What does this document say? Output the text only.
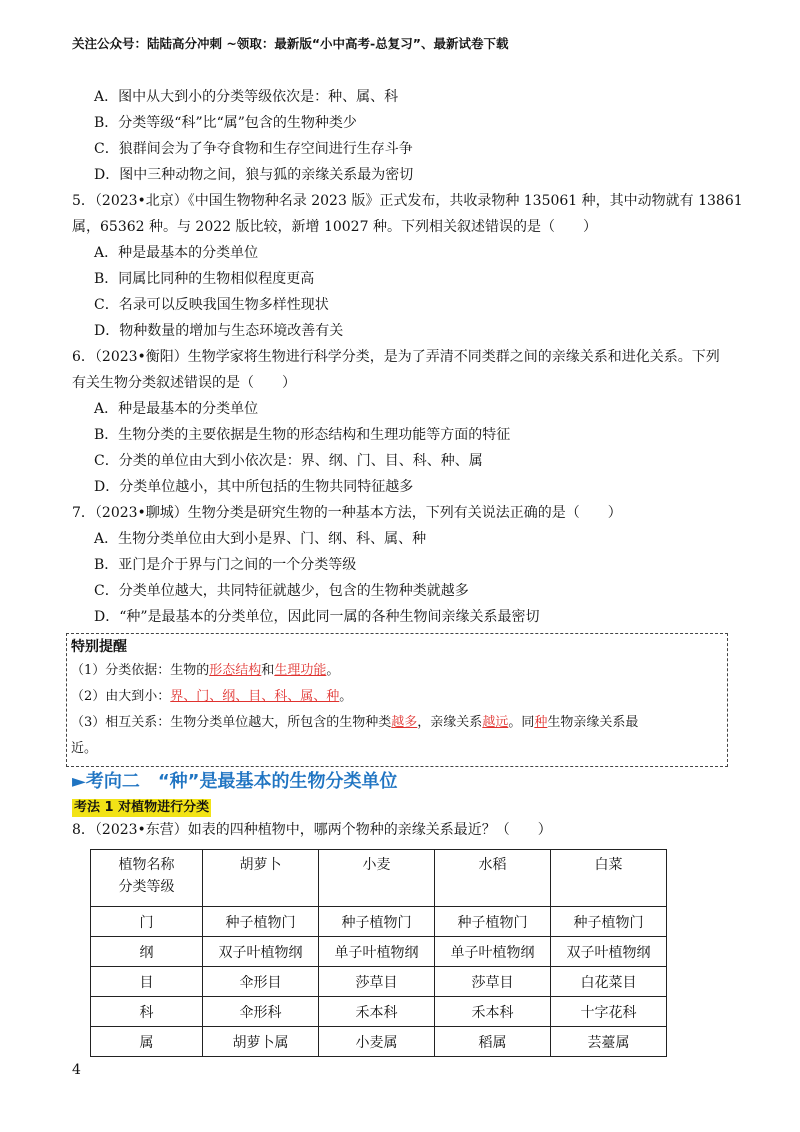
关注公众号：陆陆高分冲刺 ~领取：最新版“小中高考-总复习”、最新试卷下载
A．图中从大到小的分类等级依次是：种、属、科
B．分类等级“科”比“属”包含的生物种类少
C．狼群间会为了争夺食物和生存空间进行生存斗争
D．图中三种动物之间，狼与狐的亲缘关系最为密切
5．（2023•北京）《中国生物物种名录 2023 版》正式发布，共收录物种 135061 种，其中动物就有 13861
属，65362 种。与 2022 版比较，新增 10027 种。下列相关叙述错误的是（　　）
A．种是最基本的分类单位
B．同属比同种的生物相似程度更高
C．名录可以反映我国生物多样性现状
D．物种数量的增加与生态环境改善有关
6．（2023•衡阳）生物学家将生物进行科学分类，是为了弄清不同类群之间的亲缘关系和进化关系。下列
有关生物分类叙述错误的是（　　）
A．种是最基本的分类单位
B．生物分类的主要依据是生物的形态结构和生理功能等方面的特征
C．分类的单位由大到小依次是：界、纲、门、目、科、种、属
D．分类单位越小，其中所包括的生物共同特征越多
7．（2023•聊城）生物分类是研究生物的一种基本方法，下列有关说法正确的是（　　）
A．生物分类单位由大到小是界、门、纲、科、属、种
B．亚门是介于界与门之间的一个分类等级
C．分类单位越大，共同特征就越少，包含的生物种类就越多
D．“种”是最基本的分类单位，因此同一属的各种生物间亲缘关系最密切
特别提醒
（1）分类依据：生物的形态结构和生理功能。
（2）由大到小：界、门、纲、目、科、属、种。
（3）相互关系：生物分类单位越大，所包含的生物种类越多，亲缘关系越远。同种生物亲缘关系最
近。
►考向二　“种”是最基本的生物分类单位
考法 1 对植物进行分类
8．（2023•东营）如表的四种植物中，哪两个物种的亲缘关系最近？（　　）
植物名称
分类等级	胡萝卜	小麦	水稻	白菜
门	种子植物门	种子植物门	种子植物门	种子植物门
纲	双子叶植物纲	单子叶植物纲	单子叶植物纲	双子叶植物纲
目	伞形目	莎草目	莎草目	白花菜目
科	伞形科	禾本科	禾本科	十字花科
属	胡萝卜属	小麦属	稻属	芸薹属
4
